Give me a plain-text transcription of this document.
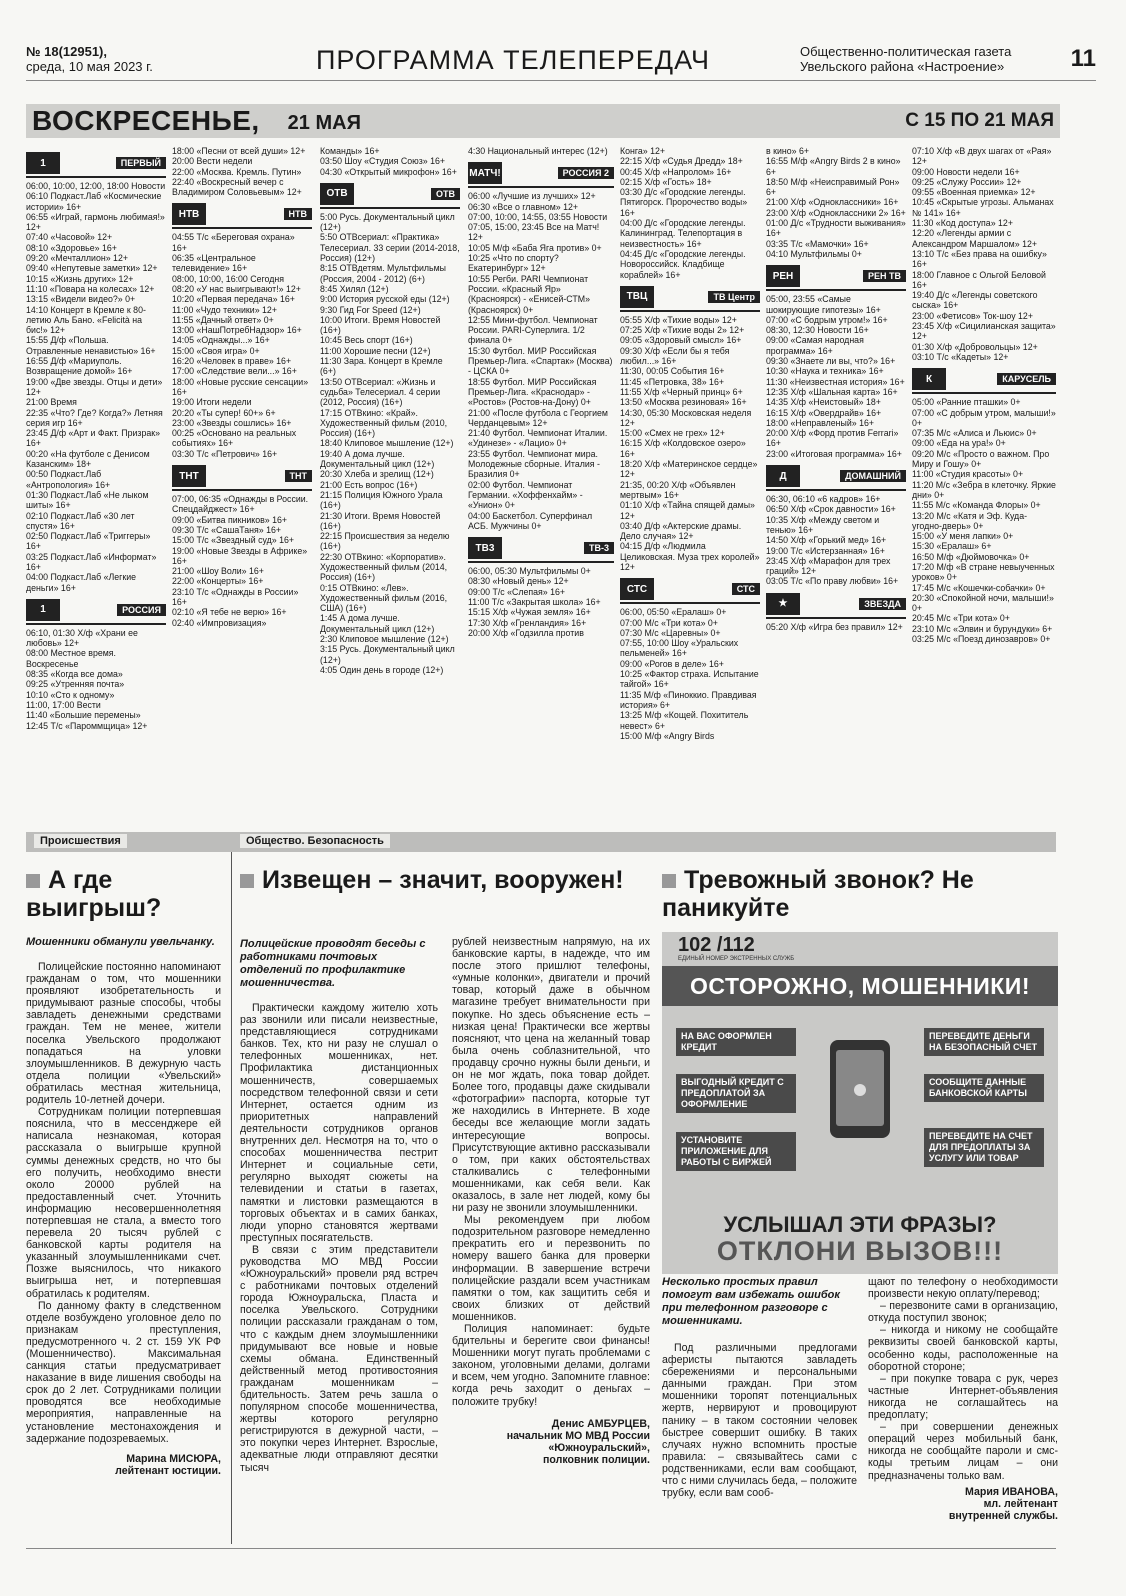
№ 18(12951),
среда, 10 мая 2023 г.	ПРОГРАММА ТЕЛЕПЕРЕДАЧ	Общественно-политическая газета
Увельского района «Настроение»	11
ВОСКРЕСЕНЬЕ, 21 МАЯ	С 15 ПО 21 МАЯ
1	ПЕРВЫЙ
06:00, 10:00, 12:00, 18:00 Новости
06:10 Подкаст.Лаб «Космические истории» 16+
06:55 «Играй, гармонь любимая!» 12+
07:40 «Часовой» 12+
08:10 «Здоровье» 16+
09:20 «Мечталлион» 12+
09:40 «Непутевые заметки» 12+
10:15 «Жизнь других» 12+
11:10 «Повара на колесах» 12+
13:15 «Видели видео?» 0+
14:10 Концерт в Кремле к 80-летию Аль Бано. «Felicità на бис!» 12+
15:55 Д/ф «Польша. Отравленные ненавистью» 16+
16:55 Д/ф «Мариуполь. Возвращение домой» 16+
19:00 «Две звезды. Отцы и дети» 12+
21:00 Время
22:35 «Что? Где? Когда?» Летняя серия игр 16+
23:45 Д/ф «Арт и Факт. Призрак» 16+
00:20 «На футболе с Денисом Казанским» 18+
00:50 Подкаст.Лаб «Антропология» 16+
01:30 Подкаст.Лаб «Не лыком шиты» 16+
02:10 Подкаст.Лаб «30 лет спустя» 16+
02:50 Подкаст.Лаб «Триггеры» 16+
03:25 Подкаст.Лаб «Информат» 16+
04:00 Подкаст.Лаб «Легкие деньги» 16+
1	РОССИЯ
06:10, 01:30 Х/ф «Храни ее любовь» 12+
08:00 Местное время. Воскресенье
08:35 «Когда все дома»
09:25 «Утренняя почта»
10:10 «Сто к одному»
11:00, 17:00 Вести
11:40 «Большие перемены»
12:45 Т/с «Пароммщица» 12+
18:00 «Песни от всей души» 12+
20:00 Вести недели
22:00 «Москва. Кремль. Путин»
22:40 «Воскресный вечер с Владимиром Соловьевым» 12+
НТВ	НТВ
04:55 Т/с «Береговая охрана» 16+
06:35 «Центральное телевидение» 16+
08:00, 10:00, 16:00 Сегодня
08:20 «У нас выигрывают!» 12+
10:20 «Первая передача» 16+
11:00 «Чудо техники» 12+
11:55 «Дачный ответ» 0+
13:00 «НашПотребНадзор» 16+
14:05 «Однажды...» 16+
15:00 «Своя игра» 0+
16:20 «Человек в праве» 16+
17:00 «Следствие вели...» 16+
18:00 «Новые русские сенсации» 16+
19:00 Итоги недели
20:20 «Ты супер! 60+» 6+
23:00 «Звезды сошлись» 16+
00:25 «Основано на реальных событиях» 16+
03:30 Т/с «Петрович» 16+
ТНТ	ТНТ
07:00, 06:35 «Однажды в России. Спецдайджест» 16+
09:00 «Битва пикников» 16+
09:30 Т/с «СашаТаня» 16+
15:00 Т/с «Звездный суд» 16+
19:00 «Новые Звезды в Африке» 16+
21:00 «Шоу Воли» 16+
22:00 «Концерты» 16+
23:10 Т/с «Однажды в России» 16+
02:10 «Я тебе не верю» 16+
02:40 «Импровизация»
Команды» 16+
03:50 Шоу «Студия Союз» 16+
04:30 «Открытый микрофон» 16+
ОТВ	ОТВ
5:00 Русь. Документальный цикл (12+)
5:50 ОТВсериал: «Практика» Телесериал. 33 серии (2014-2018, Россия) (12+)
8:15 ОТВдетям. Мультфильмы (Россия, 2004 - 2012) (6+)
8:45 Хилял (12+)
9:00 История русской еды (12+)
9:30 Гид For Speed (12+)
10:00 Итоги. Время Новостей (16+)
10:45 Весь спорт (16+)
11:00 Хорошие песни (12+)
11:30 Зара. Концерт в Кремле (6+)
13:50 ОТВсериал: «Жизнь и судьба» Телесериал. 4 серии (2012, Россия) (16+)
17:15 ОТВкино: «Край». Художественный фильм (2010, Россия) (16+)
18:40 Клиповое мышление (12+)
19:40 А дома лучше. Документальный цикл (12+)
20:30 Хлеба и зрелищ (12+)
21:00 Есть вопрос (16+)
21:15 Полиция Южного Урала (16+)
21:30 Итоги. Время Новостей (16+)
22:15 Происшествия за неделю (16+)
22:30 ОТВкино: «Корпоратив». Художественный фильм (2014, Россия) (16+)
0:15 ОТВкино: «Лев». Художественный фильм (2016, США) (16+)
1:45 А дома лучше. Документальный цикл (12+)
2:30 Клиповое мышление (12+)
3:15 Русь. Документальный цикл (12+)
4:05 Один день в городе (12+)
4:30 Национальный интерес (12+)
МАТЧ!	РОССИЯ 2
06:00 «Лучшие из лучших» 12+
06:30 «Все о главном» 12+
07:00, 10:00, 14:55, 03:55 Новости
07:05, 15:00, 23:45 Все на Матч! 12+
10:05 М/ф «Баба Яга против» 0+
10:25 «Что по спорту? Екатеринбург» 12+
10:55 Регби. PARI Чемпионат России. «Красный Яр» (Красноярск) - «Енисей-СТМ» (Красноярск) 0+
12:55 Мини-футбол. Чемпионат России. PARI-Суперлига. 1/2 финала 0+
15:30 Футбол. МИР Российская Премьер-Лига. «Спартак» (Москва) - ЦСКА 0+
18:55 Футбол. МИР Российская Премьер-Лига. «Краснодар» - «Ростов» (Ростов-на-Дону) 0+
21:00 «После футбола с Георгием Черданцевым» 12+
21:40 Футбол. Чемпионат Италии. «Удинезе» - «Лацио» 0+
23:55 Футбол. Чемпионат мира. Молодежные сборные. Италия - Бразилия 0+
02:00 Футбол. Чемпионат Германии. «Хоффенхайм» - «Унион» 0+
04:00 Баскетбол. Суперфинал АСБ. Мужчины 0+
ТВ3	ТВ-3
06:00, 05:30 Мультфильмы 0+
08:30 «Новый день» 12+
09:00 Т/с «Слепая» 16+
11:00 Т/с «Закрытая школа» 16+
15:15 Х/ф «Чужая земля» 16+
17:30 Х/ф «Гренландия» 16+
20:00 Х/ф «Годзилла против
Конга» 12+
22:15 Х/ф «Судья Дредд» 18+
00:45 Х/ф «Напролом» 16+
02:15 Х/ф «Гость» 18+
03:30 Д/с «Городские легенды. Пятигорск. Пророчество воды» 16+
04:00 Д/с «Городские легенды. Калининград. Телепортация в неизвестность» 16+
04:45 Д/с «Городские легенды. Новороссийск. Кладбище кораблей» 16+
ТВЦ	ТВ Центр
05:55 Х/ф «Тихие воды» 12+
07:25 Х/ф «Тихие воды 2» 12+
09:05 «Здоровый смысл» 16+
09:30 Х/ф «Если бы я тебя любил...» 16+
11:30, 00:05 События 16+
11:45 «Петровка, 38» 16+
11:55 Х/ф «Черный принц» 6+
13:50 «Москва резиновая» 16+
14:30, 05:30 Московская неделя 12+
15:00 «Смех не грех» 12+
16:15 Х/ф «Колдовское озеро» 16+
18:20 Х/ф «Материнское сердце» 12+
21:35, 00:20 Х/ф «Объявлен мертвым» 16+
01:10 Х/ф «Тайна спящей дамы» 12+
03:40 Д/ф «Актерские драмы. Дело случая» 12+
04:15 Д/ф «Людмила Целиковская. Муза трех королей» 12+
СТС	СТС
06:00, 05:50 «Ералаш» 0+
07:00 М/с «Три кота» 0+
07:30 М/с «Царевны» 0+
07:55, 10:00 Шоу «Уральских пельменей» 16+
09:00 «Рогов в деле» 16+
10:25 «Фактор страха. Испытание тайгой» 16+
11:35 М/ф «Пиноккио. Правдивая история» 6+
13:25 М/ф «Кощей. Похититель невест» 6+
15:00 М/ф «Angry Birds
в кино» 6+
16:55 М/ф «Angry Birds 2 в кино» 6+
18:50 М/ф «Неисправимый Рон» 6+
21:00 Х/ф «Одноклассники» 16+
23:00 Х/ф «Одноклассники 2» 16+
01:00 Д/с «Трудности выживания» 16+
03:35 Т/с «Мамочки» 16+
04:10 Мультфильмы 0+
РЕН	РЕН ТВ
05:00, 23:55 «Самые шокирующие гипотезы» 16+
07:00 «С бодрым утром!» 16+
08:30, 12:30 Новости 16+
09:00 «Самая народная программа» 16+
09:30 «Знаете ли вы, что?» 16+
10:30 «Наука и техника» 16+
11:30 «Неизвестная история» 16+
12:35 Х/ф «Шальная карта» 16+
14:35 Х/ф «Неистовый» 18+
16:15 Х/ф «Овердрайв» 16+
18:00 «Неправленый» 16+
20:00 Х/ф «Форд против Ferrari» 16+
23:00 «Итоговая программа» 16+
Д	ДОМАШНИЙ
06:30, 06:10 «6 кадров» 16+
06:50 Х/ф «Срок давности» 16+
10:35 Х/ф «Между светом и тенью» 16+
14:50 Х/ф «Горький мед» 16+
19:00 Т/с «Истерзанная» 16+
23:45 Х/ф «Марафон для трех граций» 12+
03:05 Т/с «По праву любви» 16+
★	ЗВЕЗДА
05:20 Х/ф «Игра без правил» 12+
07:10 Х/ф «В двух шагах от «Рая» 12+
09:00 Новости недели 16+
09:25 «Служу России» 12+
09:55 «Военная приемка» 12+
10:45 «Скрытые угрозы. Альманах № 141» 16+
11:30 «Код доступа» 12+
12:20 «Легенды армии с Александром Маршалом» 12+
13:10 Т/с «Без права на ошибку» 16+
18:00 Главное с Ольгой Беловой 16+
19:40 Д/с «Легенды советского сыска» 16+
23:00 «Фетисов» Ток-шоу 12+
23:45 Х/ф «Сицилианская защита» 12+
01:30 Х/ф «Добровольцы» 12+
03:10 Т/с «Кадеты» 12+
К	КАРУСЕЛЬ
05:00 «Ранние пташки» 0+
07:00 «С добрым утром, малыши!» 0+
07:35 М/с «Алиса и Льюис» 0+
09:00 «Еда на ура!» 0+
09:20 М/с «Просто о важном. Про Миру и Гошу» 0+
11:00 «Студия красоты» 0+
11:20 М/с «Зебра в клеточку. Яркие дни» 0+
11:55 М/с «Команда Флоры» 0+
13:20 М/с «Катя и Эф. Куда-угодно-дверь» 0+
15:00 «У меня лапки» 0+
15:30 «Ералаш» 6+
16:50 М/ф «Дюймовочка» 0+
17:20 М/ф «В стране невыученных уроков» 0+
17:45 М/с «Кошечки-собачки» 0+
20:30 «Спокойной ночи, малыши!» 0+
20:45 М/с «Три кота» 0+
23:10 М/с «Элвин и бурундуки» 6+
03:25 М/с «Поезд динозавров» 0+
Происшествия	Общество. Безопасность
А где выигрыш?
Мошенники обманули увельчанку.

Полицейские постоянно напоминают гражданам о том, что мошенники проявляют изобретательность и придумывают разные способы, чтобы завладеть денежными средствами граждан. Тем не менее, жители поселка Увельского продолжают попадаться на уловки злоумышленников. В дежурную часть отдела полиции «Увельский» обратилась местная жительница, родитель 10-летней дочери.

Сотрудникам полиции потерпевшая пояснила, что в мессенджере ей написала незнакомая, которая рассказала о выигрыше крупной суммы денежных средств, но что бы его получить, необходимо внести около 20000 рублей на предоставленный счет. Уточнить информацию несовершеннолетняя потерпевшая не стала, а вместо того перевела 20 тысяч рублей с банковской карты родителя на указанный злоумышленниками счет. Позже выяснилось, что никакого выигрыша нет, и потерпевшая обратилась к родителям.

По данному факту в следственном отделе возбуждено уголовное дело по признакам преступления, предусмотренного ч. 2 ст. 159 УК РФ (Мошенничество). Максимальная санкция статьи предусматривает наказание в виде лишения свободы на срок до 2 лет. Сотрудниками полиции проводятся все необходимые мероприятия, направленные на установление местонахождения и задержание подозреваемых.

Марина МИСЮРА,
лейтенант юстиции.
Извещен – значит, вооружен!
Полицейские проводят беседы с работниками почтовых отделений по профилактике мошенничества.

Практически каждому жителю хоть раз звонили или писали неизвестные, представляющиеся сотрудниками банков. Тех, кто ни разу не слушал о телефонных мошенниках, нет. Профилактика дистанционных мошенничеств, совершаемых посредством телефонной связи и сети Интернет, остается одним из приоритетных направлений деятельности сотрудников органов внутренних дел. Несмотря на то, что о способах мошенничества пестрит Интернет и социальные сети, регулярно выходят сюжеты на телевидении и статьи в газетах, памятки и листовки размещаются в торговых объектах и в самих банках, люди упорно становятся жертвами преступных посягательств.

В связи с этим представители руководства МО МВД России «Южноуральский» провели ряд встреч с работниками почтовых отделений города Южноуральска, Пласта и поселка Увельского. Сотрудники полиции рассказали гражданам о том, что с каждым днем злоумышленники придумывают все новые и новые схемы обмана. Единственный действенный метод противостояния гражданам мошенникам – бдительность. Затем речь зашла о популярном способе мошенничества, жертвы которого регулярно регистрируются в дежурной части, – это покупки через Интернет. Взрослые, адекватные люди отправляют десятки тысяч

рублей неизвестным напрямую, на их банковские карты, в надежде, что им после этого пришлют телефоны, «умные колонки», двигатели и прочий товар, который даже в обычном магазине требует внимательности при покупке. Но здесь объяснение есть – низкая цена! Практически все жертвы поясняют, что цена на желанный товар была очень соблазнительной, что продавцу срочно нужны были деньги, и он не мог ждать, пока товар дойдет. Более того, продавцы даже скидывали «фотографии» паспорта, которые тут же находились в Интернете. В ходе беседы все желающие могли задать интересующие вопросы. Присутствующие активно рассказывали о том, при каких обстоятельствах сталкивались с телефонными мошенниками, как себя вели. Как оказалось, в зале нет людей, кому бы ни разу не звонили злоумышленники.

Мы рекомендуем при любом подозрительном разговоре немедленно прекратить его и перезвонить по номеру вашего банка для проверки информации. В завершение встречи полицейские раздали всем участникам памятки о том, как защитить себя и своих близких от действий мошенников.

Полиция напоминает: будьте бдительны и берегите свои финансы! Мошенники могут пугать проблемами с законом, уголовными делами, долгами и всем, чем угодно. Запомните главное: когда речь заходит о деньгах – положите трубку!

Денис АМБУРЦЕВ,
начальник МО МВД России
«Южноуральский»,
полковник полиции.
Тревожный звонок? Не паникуйте
102 /112
ЕДИНЫЙ НОМЕР ЭКСТРЕННЫХ СЛУЖБ
ОСТОРОЖНО, МОШЕННИКИ!
НА ВАС ОФОРМЛЕН КРЕДИТ
ВЫГОДНЫЙ КРЕДИТ С ПРЕДОПЛАТОЙ ЗА ОФОРМЛЕНИЕ
УСТАНОВИТЕ ПРИЛОЖЕНИЕ ДЛЯ РАБОТЫ С БИРЖЕЙ
ПЕРЕВЕДИТЕ ДЕНЬГИ НА БЕЗОПАСНЫЙ СЧЕТ
СООБЩИТЕ ДАННЫЕ БАНКОВСКОЙ КАРТЫ
ПЕРЕВЕДИТЕ НА СЧЕТ ДЛЯ ПРЕДОПЛАТЫ ЗА УСЛУГУ ИЛИ ТОВАР
УСЛЫШАЛ ЭТИ ФРАЗЫ?
ОТКЛОНИ ВЫЗОВ!!!
Несколько простых правил помогут вам избежать ошибок при телефонном разговоре с мошенниками.

Под различными предлогами аферисты пытаются завладеть сбережениями и персональными данными граждан. При этом мошенники торопят потенциальных жертв, нервируют и провоцируют панику – в таком состоянии человек быстрее совершит ошибку. В таких случаях нужно вспомнить простые правила: – связывайтесь сами с родственниками, если вам сообщают, что с ними случилась беда, – положите трубку, если вам сооб-

щают по телефону о необходимости произвести некую оплату/перевод;

– перезвоните сами в организацию, откуда поступил звонок;

– никогда и никому не сообщайте реквизиты своей банковской карты, особенно коды, расположенные на оборотной стороне;

– при покупке товара с рук, через частные Интернет-объявления никогда не соглашайтесь на предоплату;

– при совершении денежных операций через мобильный банк, никогда не сообщайте пароли и смс-коды третьим лицам – они предназначены только вам.

Мария ИВАНОВА,
мл. лейтенант
внутренней службы.
